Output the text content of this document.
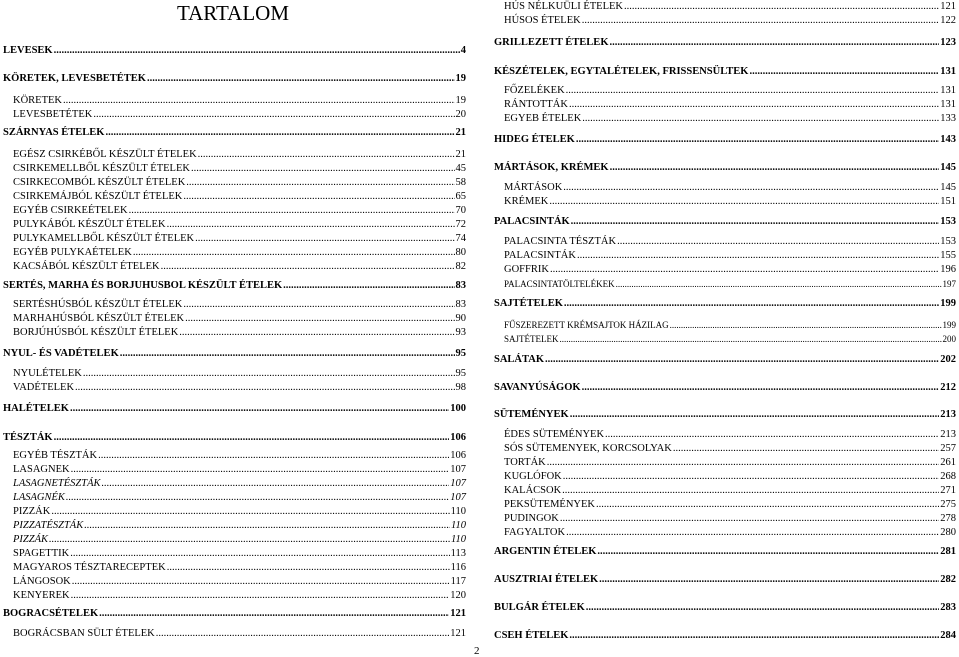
TARTALOM
LEVESEK .....	4
KÖRETEK, LEVESBETÉTEK .....	19
KÖRETEK .....	19
LEVESBETÉTEK .....	20
SZÁRNYAS ÉTELEK .....	21
EGÉSZ CSIRKÉBŐL KÉSZÜLT ÉTELEK .....	21
CSIRKEMELLBŐL KÉSZÜLT ÉTELEK .....	45
CSIRKECOMBÓL KÉSZÜLT ÉTELEK .....	58
CSIRKEMÁJBÓL KÉSZÜLT ÉTELEK .....	65
EGYÉB CSIRKEÉTELEK .....	70
PULYKÁBÓL KÉSZÜLT ÉTELEK .....	72
PULYKAMELLBŐL KÉSZÜLT ÉTELEK .....	74
EGYÉB PULYKAÉTELEK .....	80
KACSÁBÓL KÉSZÜLT ÉTELEK .....	82
SERTÉS, MARHA ÉS BORJUHUSBOL KÉSZÜLT ÉTELEK .....	83
SERTÉSHÚSBÓL KÉSZÜLT ÉTELEK .....	83
MARHAHÚSBÓL KÉSZÜLT ÉTELEK .....	90
BORJÚHÚSBÓL KÉSZÜLT ÉTELEK .....	93
NYUL- ÉS VADÉTELEK .....	95
NYULÉTELEK .....	95
VADÉTELEK .....	98
HALÉTELEK .....	100
TÉSZTÁK .....	106
EGYÉB TÉSZTÁK .....	106
LASAGNEK .....	107
LASAGNETÉSZTÁK .....	107
LASAGNÉK .....	107
PIZZÁK .....	110
PIZZATÉSZTÁK .....	110
PIZZÁK .....	110
SPAGETTIK .....	113
MAGYAROS TÉSZTARECEPTEK .....	116
LÁNGOSOK .....	117
KENYEREK .....	120
BOGRACSÉTELEK .....	121
BOGRÁCSBAN SÜLT ÉTELEK .....	121
HÚS NÉLKUÜLI ÉTELEK .....	121
HÚSOS ÉTELEK .....	122
GRILLEZETT ÉTELEK .....	123
KÉSZÉTELEK, EGYTALÉTELEK, FRISSENSÜLTEK .....	131
FŐZELÉKEK .....	131
RÁNTOTTÁK .....	131
EGYEB ÉTELEK .....	133
HIDEG ÉTELEK .....	143
MÁRTÁSOK, KRÉMEK .....	145
MÁRTÁSOK .....	145
KRÉMEK .....	151
PALACSINTÁK .....	153
PALACSINTA TÉSZTÁK .....	153
PALACSINTÁK .....	155
GOFFRIK .....	196
PALACSINTATÖLTELÉKEK .....	197
SAJTÉTELEK .....	199
FŰSZEREZETT KRÉMSAJTOK HÁZILAG .....	199
SAJTÉTELEK .....	200
SALÁTAK .....	202
SAVANYÚSÁGOK .....	212
SÜTEMÉNYEK .....	213
ÉDES SÜTEMÉNYEK .....	213
SÓS SÜTEMENYEK, KORCSOLYAK .....	257
TORTÁK .....	261
KUGLÓFOK .....	268
KALÁCSOK .....	271
PEKSÜTEMÉNYEK .....	275
PUDINGOK .....	278
FAGYALTOK .....	280
ARGENTIN ÉTELEK .....	281
AUSZTRIAI ÉTELEK .....	282
BULGÁR ÉTELEK .....	283
CSEH ÉTELEK .....	284
2
